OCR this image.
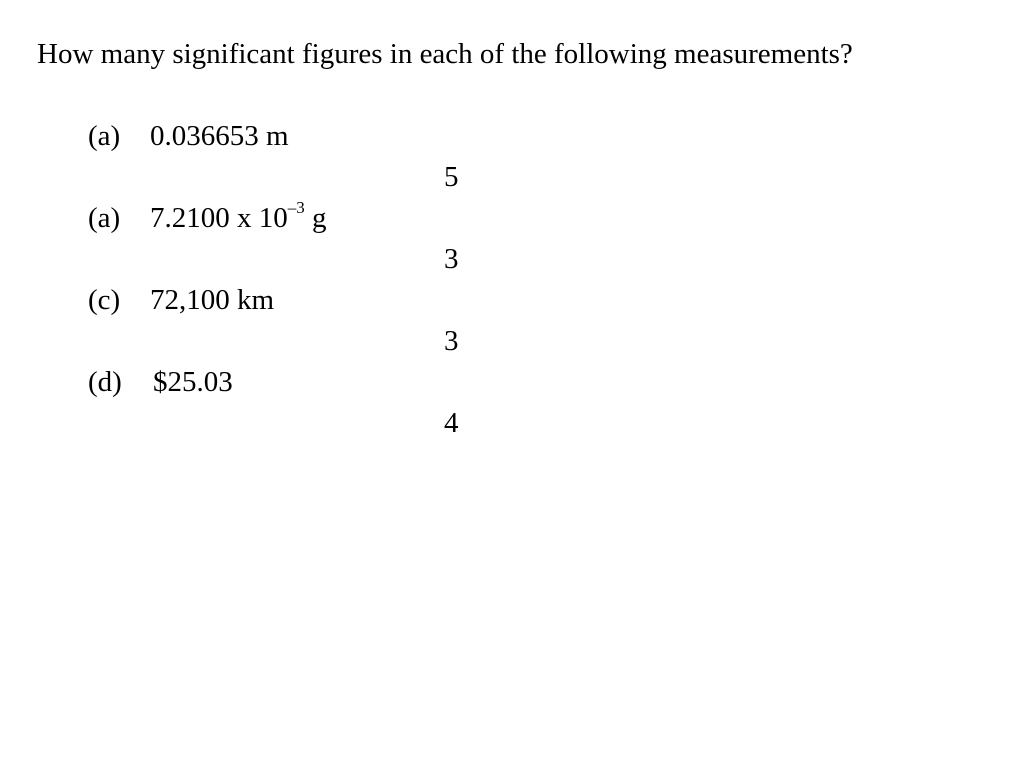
How many significant figures in each of the following measurements?
(a) 0.036653 m
5
(a) 7.2100 x $10^{-3}$ g
3
(c) 72,100 km
3
(d) $25.03
4
